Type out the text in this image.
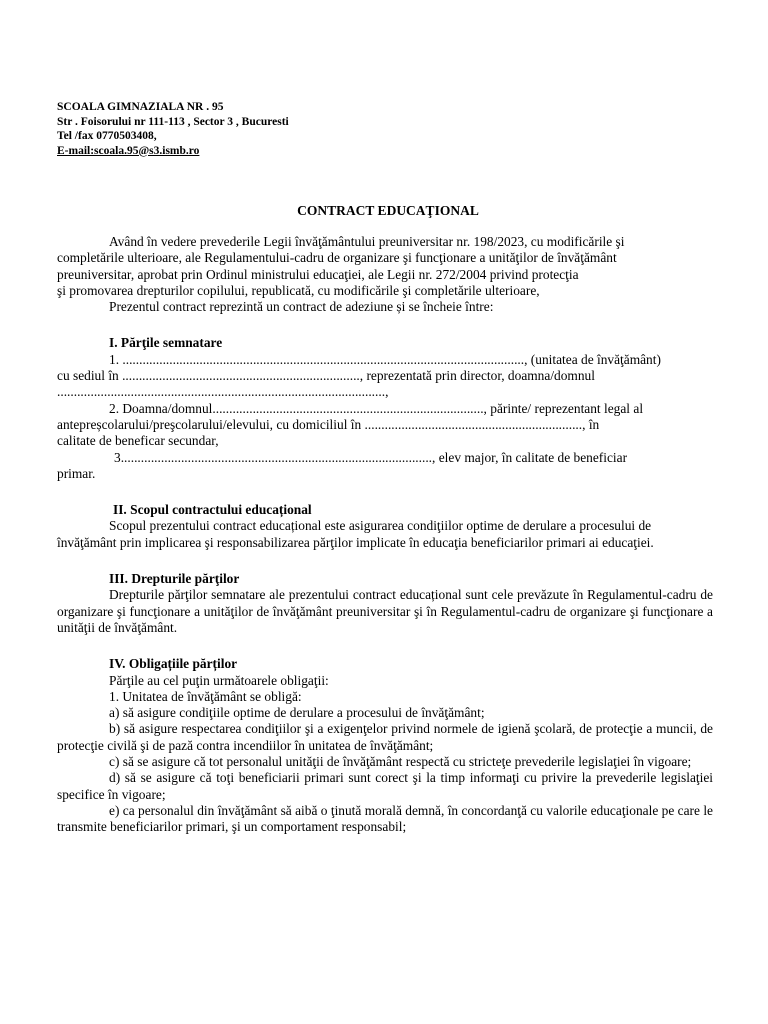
SCOALA GIMNAZIALA NR . 95
Str . Foisorului nr 111-113 , Sector 3 , Bucuresti
Tel /fax 0770503408,
E-mail:scoala.95@s3.ismb.ro
CONTRACT EDUCAŢIONAL

Având în vedere prevederile Legii învăţământului preuniversitar nr. 198/2023, cu modificările şi

completările ulterioare, ale Regulamentului-cadru de organizare şi funcţionare a unităţilor de învăţământ

preuniversitar, aprobat prin Ordinul ministrului educaţiei, ale Legii nr. 272/2004 privind protecţia

şi promovarea drepturilor copilului, republicată, cu modificările şi completările ulterioare,

Prezentul contract reprezintă un contract de adeziune și se încheie între:

I. Părţile semnatare

1. ........................................................................................................................, (unitatea de învăţământ)

cu sediul în ......................................................................., reprezentată prin director, doamna/domnul

..................................................................................................,

2. Doamna/domnul................................................................................., părinte/ reprezentant legal al

antepreșcolarului/preşcolarului/elevului, cu domiciliul în ................................................................., în

calitate de beneficar secundar,

3............................................................................................., elev major, în calitate de beneficiar

primar.

II. Scopul contractului educațional

Scopul prezentului contract educațional este asigurarea condiţiilor optime de derulare a procesului de învăţământ prin implicarea şi responsabilizarea părţilor implicate în educaţia beneficiarilor primari ai educaţiei.

III. Drepturile părţilor

Drepturile părţilor semnatare ale prezentului contract educațional sunt cele prevăzute în Regulamentul-cadru de organizare şi funcţionare a unităţilor de învăţământ preuniversitar şi în Regulamentul-cadru de organizare şi funcţionare a unităţii de învăţământ.

IV. Obligațiile părților

Părţile au cel puţin următoarele obligaţii:

1. Unitatea de învăţământ se obligă:

a) să asigure condiţiile optime de derulare a procesului de învăţământ;

b) să asigure respectarea condiţiilor şi a exigenţelor privind normele de igienă şcolară, de protecţie a muncii, de protecţie civilă şi de pază contra incendiilor în unitatea de învăţământ;

c) să se asigure că tot personalul unităţii de învăţământ respectă cu stricteţe prevederile legislaţiei în vigoare;

d) să se asigure că toţi beneficiarii primari sunt corect şi la timp informaţi cu privire la prevederile legislaţiei specifice în vigoare;

e) ca personalul din învăţământ să aibă o ţinută morală demnă, în concordanţă cu valorile educaţionale pe care le transmite beneficiarilor primari, şi un comportament responsabil;
